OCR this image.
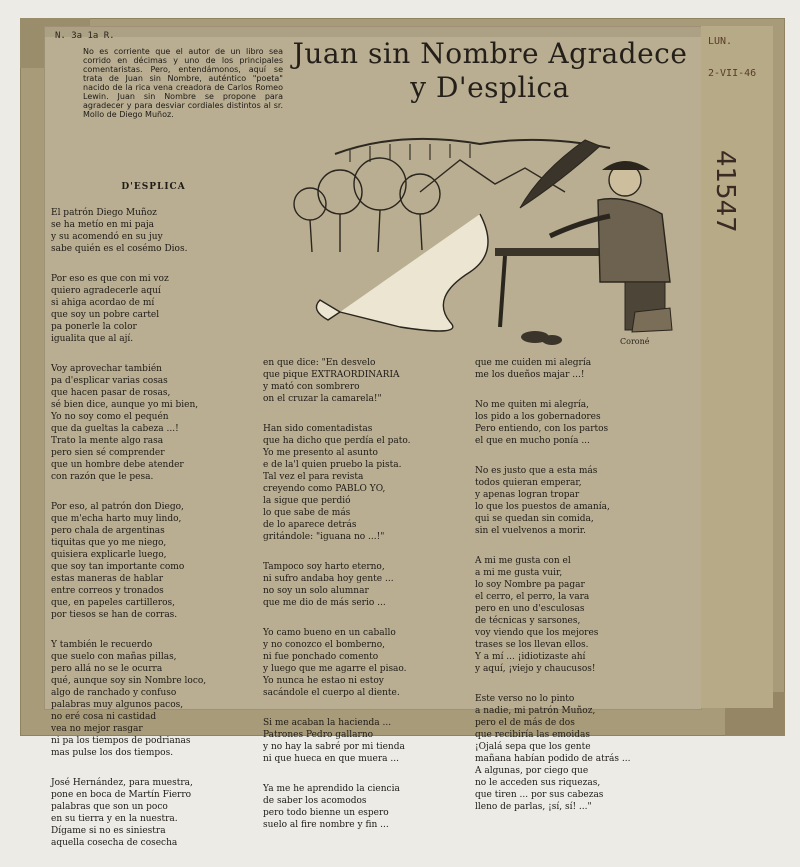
N. 3a 1a R.
No es corriente que el autor de un libro sea corrido en décimas y uno de los principales comentaristas. Pero, entendámonos, aquí se trata de Juan sin Nombre, auténtico "poeta" nacido de la rica vena creadora de Carlos Romeo Lewin. Juan sin Nombre se propone para agradecer y para desviar cordiales distintos al sr. Mollo de Diego Muñoz.
Juan sin Nombre Agradece
y D'esplica
Coroné

D'ESPLICA

El patrón Diego Muñoz
se ha metío en mi paja
y su acomendó en su juy
sabe quién es el cosémo Dios.

Por eso es que con mi voz
quiero agradecerle aquí
si ahiga acordao de mí
que soy un pobre cartel
pa ponerle la color
igualita que al ají.

Voy aprovechar también
pa d'esplicar varias cosas
que hacen pasar de rosas,
sé bien dice, aunque yo mi bien,
Yo no soy como el pequén
que da gueltas la cabeza ...!
Trato la mente algo rasa
pero sien sé comprender
que un hombre debe atender
con razón que le pesa.

Por eso, al patrón don Diego,
que m'echa harto muy lindo,
pero chala de argentinas
tiquitas que yo me niego,
quisiera explicarle luego,
que soy tan importante como
estas maneras de hablar
entre correos y tronados
que, en papeles cartilleros,
por tiesos se han de corras.

Y también le recuerdo
que suelo con mañas pillas,
pero allá no se le ocurra
qué, aunque soy sin Nombre loco,
algo de ranchado y confuso
palabras muy algunos pacos,
no eré cosa ni castidad
vea no mejor rasgar
ni pa los tiempos de podrianas
mas pulse los dos tiempos.

José Hernández, para muestra,
pone en boca de Martín Fierro
palabras que son un poco
en su tierra y en la nuestra.
Dígame si no es siniestra
aquella cosecha de cosecha

en que dice: "En desvelo
que pique EXTRAORDINARIA
y mató con sombrero
on el cruzar la camarela!"

Han sido comentadistas
que ha dicho que perdía el pato.
Yo me presento al asunto
e de la'l quien pruebo la pista.
Tal vez el para revista
creyendo como PABLO YO,
la sigue que perdió
lo que sabe de más
de lo aparece detrás
gritándole: "iguana no ...!"

Tampoco soy harto eterno,
ni sufro andaba hoy gente ...
no soy un solo alumnar
que me dio de más serio ...

Yo camo bueno en un caballo
y no conozco el bomberno,
ni fue ponchado comento
y luego que me agarre el pisao.
Yo nunca he estao ni estoy
sacándole el cuerpo al diente.

Si me acaban la hacienda ...
Patrones Pedro gallarno
y no hay la sabré por mi tienda
ni que hueca en que muera ...

Ya me he aprendido la ciencia
de saber los acomodos
pero todo bienne un espero
suelo al fire nombre y fin ...

que me cuiden mi alegría
me los dueños majar ...!

No me quiten mi alegría,
los pido a los gobernadores
Pero entiendo, con los partos
el que en mucho ponía ...

No es justo que a esta más
todos quieran emperar,
y apenas logran tropar
lo que los puestos de amanía,
qui se quedan sin comida,
sin el vuelvenos a morir.

A mi me gusta con el
a mi me gusta vuir,
lo soy Nombre pa pagar
el cerro, el perro, la vara
pero en uno d'esculosas
de técnicas y sarsones,
voy viendo que los mejores
trases se los llevan ellos.
Y a mí ... ¡idiotizaste ahí
y aquí, ¡viejo y chaucusos!

Este verso no lo pinto
a nadie, mi patrón Muñoz,
pero el de más de dos
que recibiría las emoidas
¡Ojalá sepa que los gente
mañana habían podido de atrás ...
A algunas, por ciego que
no le acceden sus riquezas,
que tiren ... por sus cabezas
lleno de parlas, ¡sí, sí! ..."

LUN.
2-VII-46
41547
